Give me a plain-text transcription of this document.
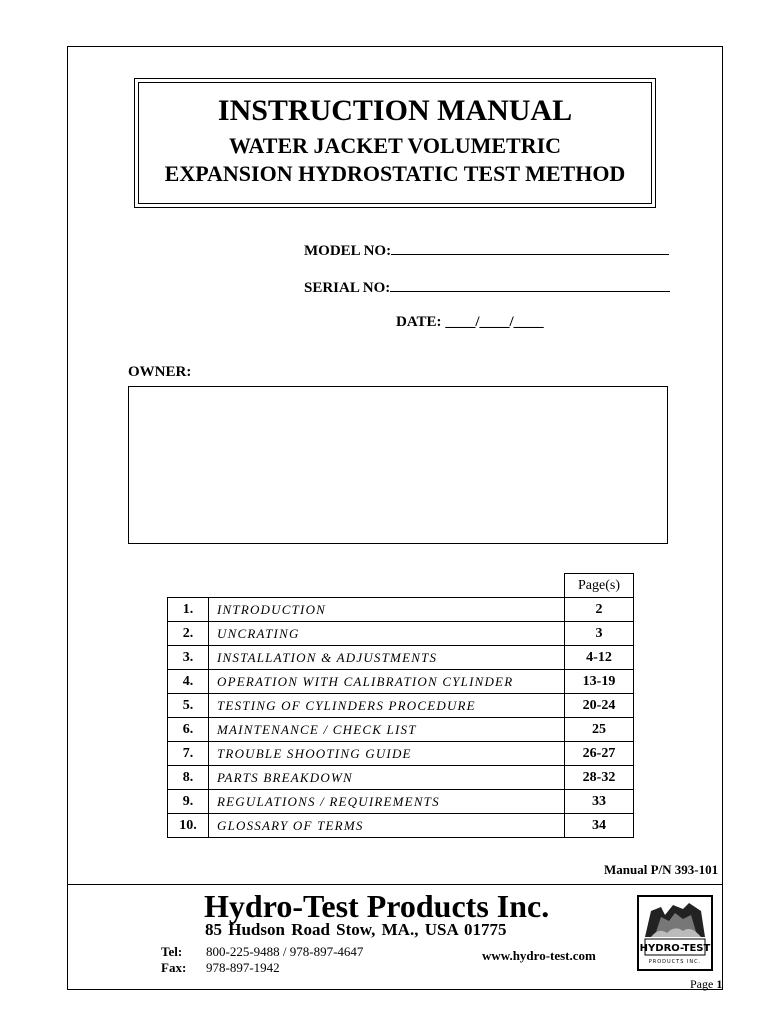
INSTRUCTION MANUAL
WATER JACKET VOLUMETRIC
EXPANSION HYDROSTATIC TEST METHOD
MODEL NO:
SERIAL NO:
DATE: ____/____/____
OWNER:
		Page(s)
1.	INTRODUCTION	2
2.	UNCRATING	3
3.	INSTALLATION & ADJUSTMENTS	4-12
4.	OPERATION WITH CALIBRATION CYLINDER	13-19
5.	TESTING OF CYLINDERS PROCEDURE	20-24
6.	MAINTENANCE / CHECK LIST	25
7.	TROUBLE SHOOTING GUIDE	26-27
8.	PARTS BREAKDOWN	28-32
9.	REGULATIONS / REQUIREMENTS	33
10.	GLOSSARY OF TERMS	34
Manual P/N 393-101
Hydro-Test Products Inc.
85 Hudson Road Stow, MA., USA 01775
Tel: 800-225-9488 / 978-897-4647
Fax: 978-897-1942
www.hydro-test.com	HYDRO-TEST
PRODUCTS INC.
Page 1
